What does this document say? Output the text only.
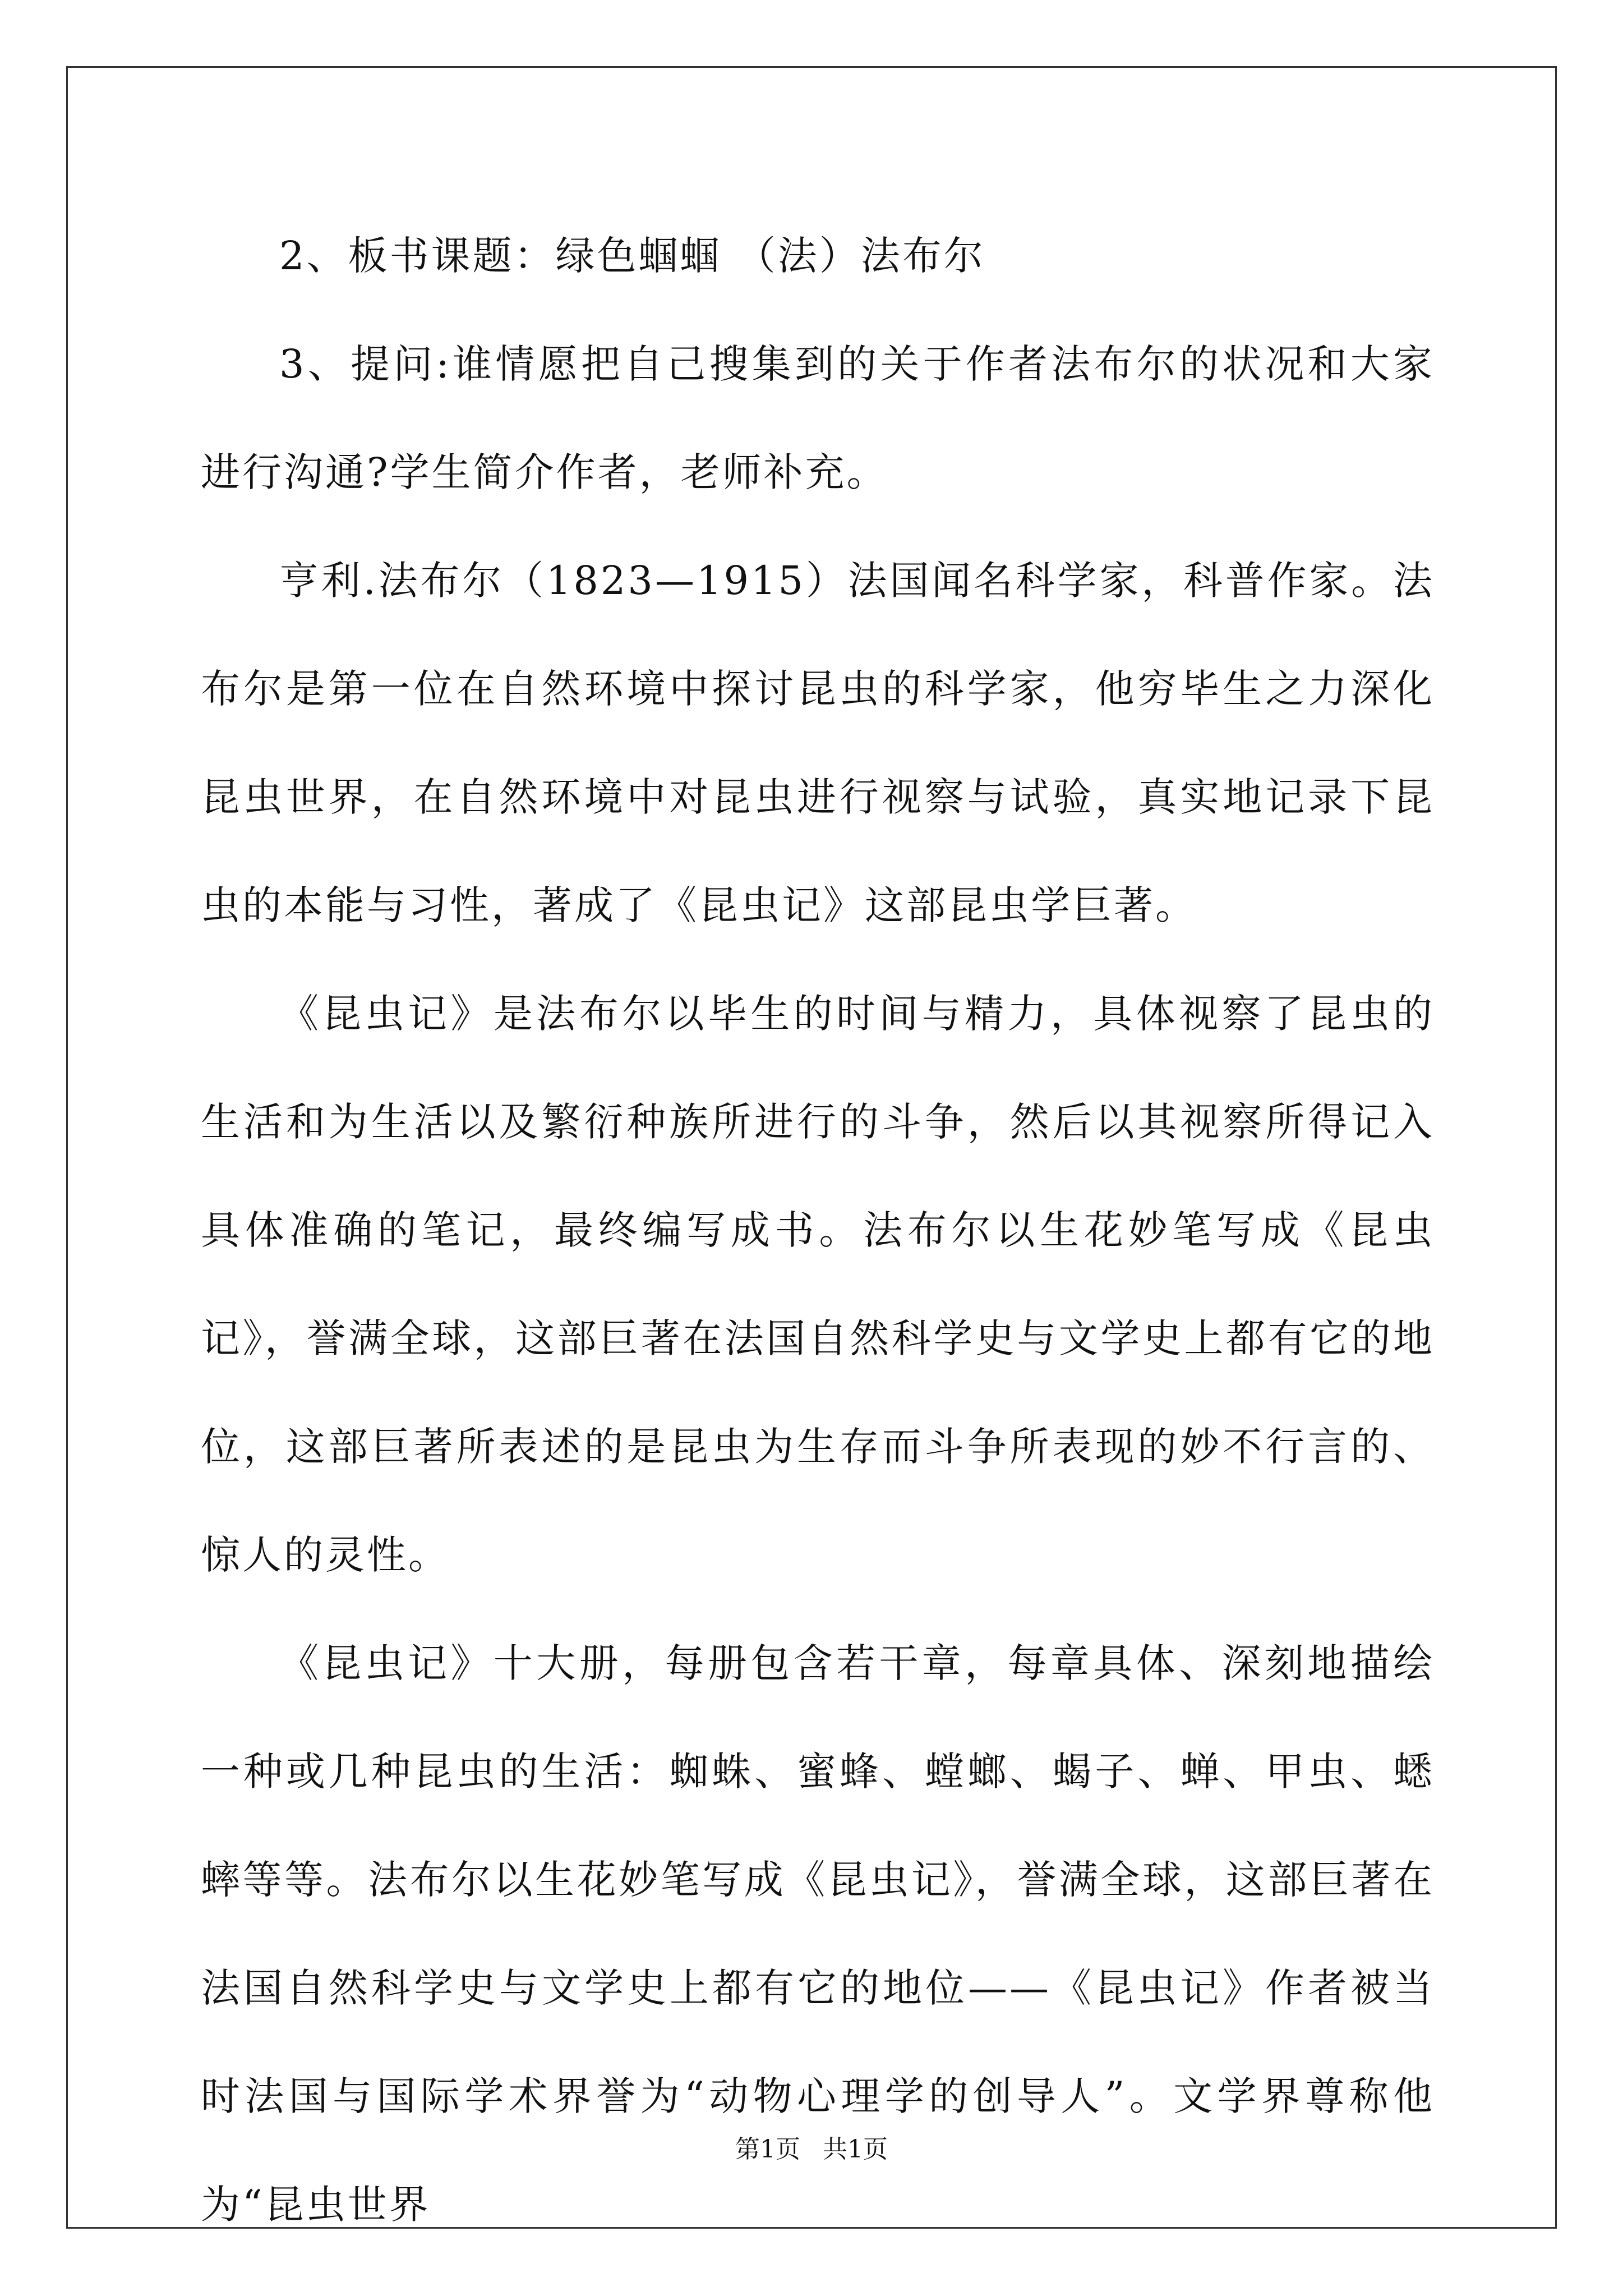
2、板书课题：绿色蝈蝈 （法）法布尔

3、提问:谁情愿把自己搜集到的关于作者法布尔的状况和大家进行沟通?学生简介作者，老师补充。

亨利.法布尔（1823—1915）法国闻名科学家，科普作家。法布尔是第一位在自然环境中探讨昆虫的科学家，他穷毕生之力深化昆虫世界，在自然环境中对昆虫进行视察与试验，真实地记录下昆虫的本能与习性，著成了《昆虫记》这部昆虫学巨著。

《昆虫记》是法布尔以毕生的时间与精力，具体视察了昆虫的生活和为生活以及繁衍种族所进行的斗争，然后以其视察所得记入具体准确的笔记，最终编写成书。法布尔以生花妙笔写成《昆虫记》，誉满全球，这部巨著在法国自然科学史与文学史上都有它的地位，这部巨著所表述的是昆虫为生存而斗争所表现的妙不行言的、惊人的灵性。

《昆虫记》十大册，每册包含若干章，每章具体、深刻地描绘一种或几种昆虫的生活：蜘蛛、蜜蜂、螳螂、蝎子、蝉、甲虫、蟋蟀等等。法布尔以生花妙笔写成《昆虫记》，誉满全球，这部巨著在法国自然科学史与文学史上都有它的地位——《昆虫记》作者被当时法国与国际学术界誉为“动物心理学的创导人”。文学界尊称他为“昆虫世界

第1页 共1页
